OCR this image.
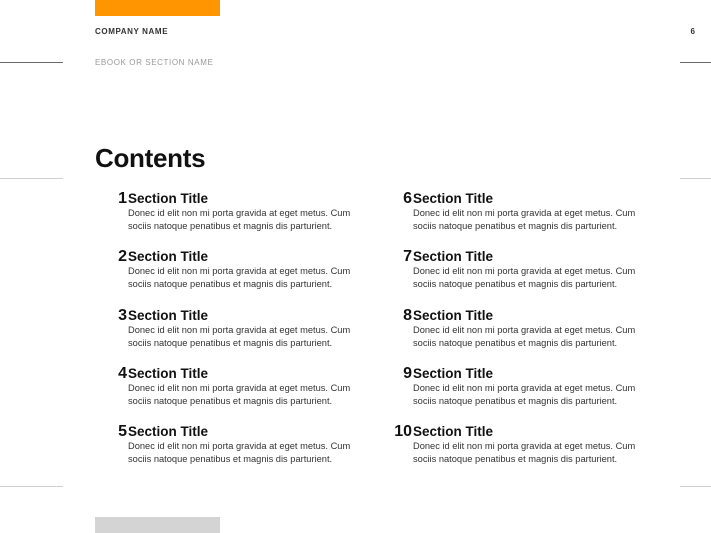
COMPANY NAME	6
EBOOK OR SECTION NAME
Contents
1 Section Title
Donec id elit non mi porta gravida at eget metus. Cum sociis natoque penatibus et magnis dis parturient.
2 Section Title
Donec id elit non mi porta gravida at eget metus. Cum sociis natoque penatibus et magnis dis parturient.
3 Section Title
Donec id elit non mi porta gravida at eget metus. Cum sociis natoque penatibus et magnis dis parturient.
4 Section Title
Donec id elit non mi porta gravida at eget metus. Cum sociis natoque penatibus et magnis dis parturient.
5 Section Title
Donec id elit non mi porta gravida at eget metus. Cum sociis natoque penatibus et magnis dis parturient.
6 Section Title
Donec id elit non mi porta gravida at eget metus. Cum sociis natoque penatibus et magnis dis parturient.
7 Section Title
Donec id elit non mi porta gravida at eget metus. Cum sociis natoque penatibus et magnis dis parturient.
8 Section Title
Donec id elit non mi porta gravida at eget metus. Cum sociis natoque penatibus et magnis dis parturient.
9 Section Title
Donec id elit non mi porta gravida at eget metus. Cum sociis natoque penatibus et magnis dis parturient.
10 Section Title
Donec id elit non mi porta gravida at eget metus. Cum sociis natoque penatibus et magnis dis parturient.
